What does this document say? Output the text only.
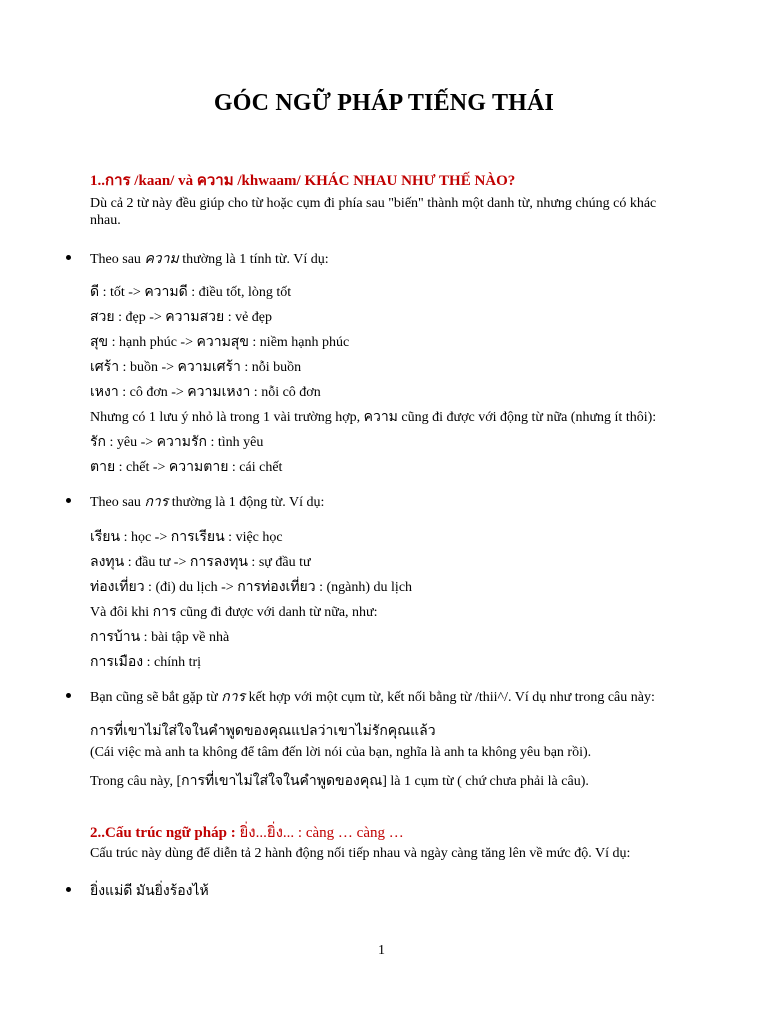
GÓC NGỮ PHÁP TIẾNG THÁI
1..การ /kaan/ và ความ /khwaam/ KHÁC NHAU NHƯ THẾ NÀO?
Dù cả 2 từ này đều giúp cho từ hoặc cụm đi phía sau "biến" thành một danh từ, nhưng chúng có khác nhau.
Theo sau ความ thường là 1 tính từ. Ví dụ:
ดี : tốt -> ความดี : điều tốt, lòng tốt
สวย : đẹp -> ความสวย : vẻ đẹp
สุข : hạnh phúc -> ความสุข : niềm hạnh phúc
เศร้า : buồn -> ความเศร้า : nỗi buồn
เหงา : cô đơn -> ความเหงา : nỗi cô đơn
Nhưng có 1 lưu ý nhỏ là trong 1 vài trường hợp, ความ cũng đi được với động từ nữa (nhưng ít thôi):
รัก : yêu -> ความรัก : tình yêu
ตาย : chết -> ความตาย : cái chết
Theo sau การ thường là 1 động từ. Ví dụ:
เรียน : học -> การเรียน : việc học
ลงทุน : đầu tư -> การลงทุน : sự đầu tư
ท่องเที่ยว : (đi) du lịch -> การท่องเที่ยว : (ngành) du lịch
Và đôi khi การ cũng đi được với danh từ nữa, như:
การบ้าน : bài tập về nhà
การเมือง : chính trị
Bạn cũng sẽ bắt gặp từ การ kết hợp với một cụm từ, kết nối bằng từ /thii^/. Ví dụ như trong câu này:
การที่เขาไม่ใส่ใจในคำพูดของคุณแปลว่าเขาไม่รักคุณแล้ว
(Cái việc mà anh ta không để tâm đến lời nói của bạn, nghĩa là anh ta không yêu bạn rồi).
Trong câu này, [การที่เขาไม่ใส่ใจในคำพูดของคุณ] là 1 cụm từ ( chứ chưa phải là câu).
2..Cấu trúc ngữ pháp : ยิ่ง...ยิ่ง... : càng … càng …
Cấu trúc này dùng để diễn tả 2 hành động nối tiếp nhau và ngày càng tăng lên về mức độ. Ví dụ:
ยิ่งแม่ดี มันยิ่งร้องไห้
1
